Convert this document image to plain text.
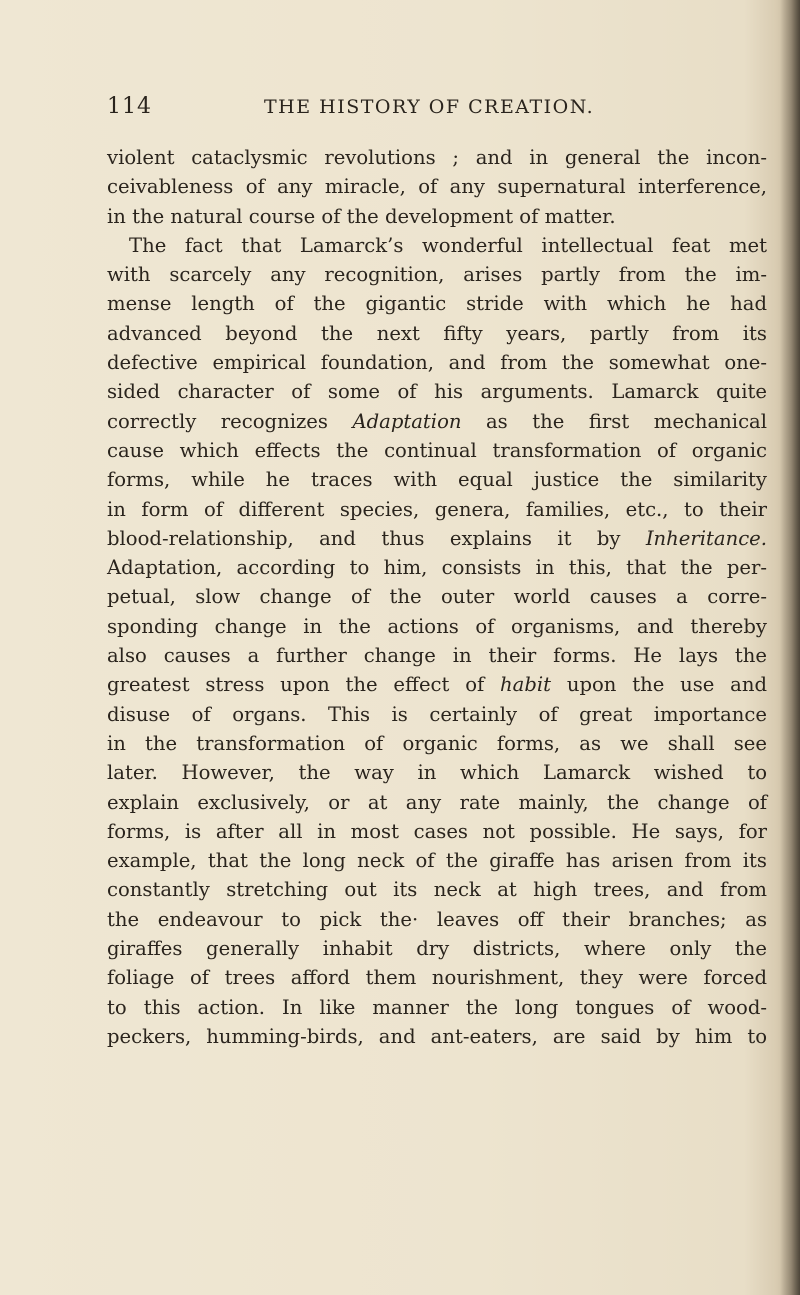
114	THE HISTORY OF CREATION.
violent cataclysmic revolutions ; and in general the incon-
ceivableness of any miracle, of any supernatural interference,
in the natural course of the development of matter.
The fact that Lamarck’s wonderful intellectual feat met
with scarcely any recognition, arises partly from the im-
mense length of the gigantic stride with which he had
advanced beyond the next fifty years, partly from its
defective empirical foundation, and from the somewhat one-
sided character of some of his arguments. Lamarck quite
correctly recognizes Adaptation as the first mechanical
cause which effects the continual transformation of organic
forms, while he traces with equal justice the similarity
in form of different species, genera, families, etc., to their
blood-relationship, and thus explains it by Inheritance.
Adaptation, according to him, consists in this, that the per-
petual, slow change of the outer world causes a corre-
sponding change in the actions of organisms, and thereby
also causes a further change in their forms. He lays the
greatest stress upon the effect of habit upon the use and
disuse of organs. This is certainly of great importance
in the transformation of organic forms, as we shall see
later. However, the way in which Lamarck wished to
explain exclusively, or at any rate mainly, the change of
forms, is after all in most cases not possible. He says, for
example, that the long neck of the giraffe has arisen from its
constantly stretching out its neck at high trees, and from
the endeavour to pick the· leaves off their branches; as
giraffes generally inhabit dry districts, where only the
foliage of trees afford them nourishment, they were forced
to this action. In like manner the long tongues of wood-
peckers, humming-birds, and ant-eaters, are said by him to
